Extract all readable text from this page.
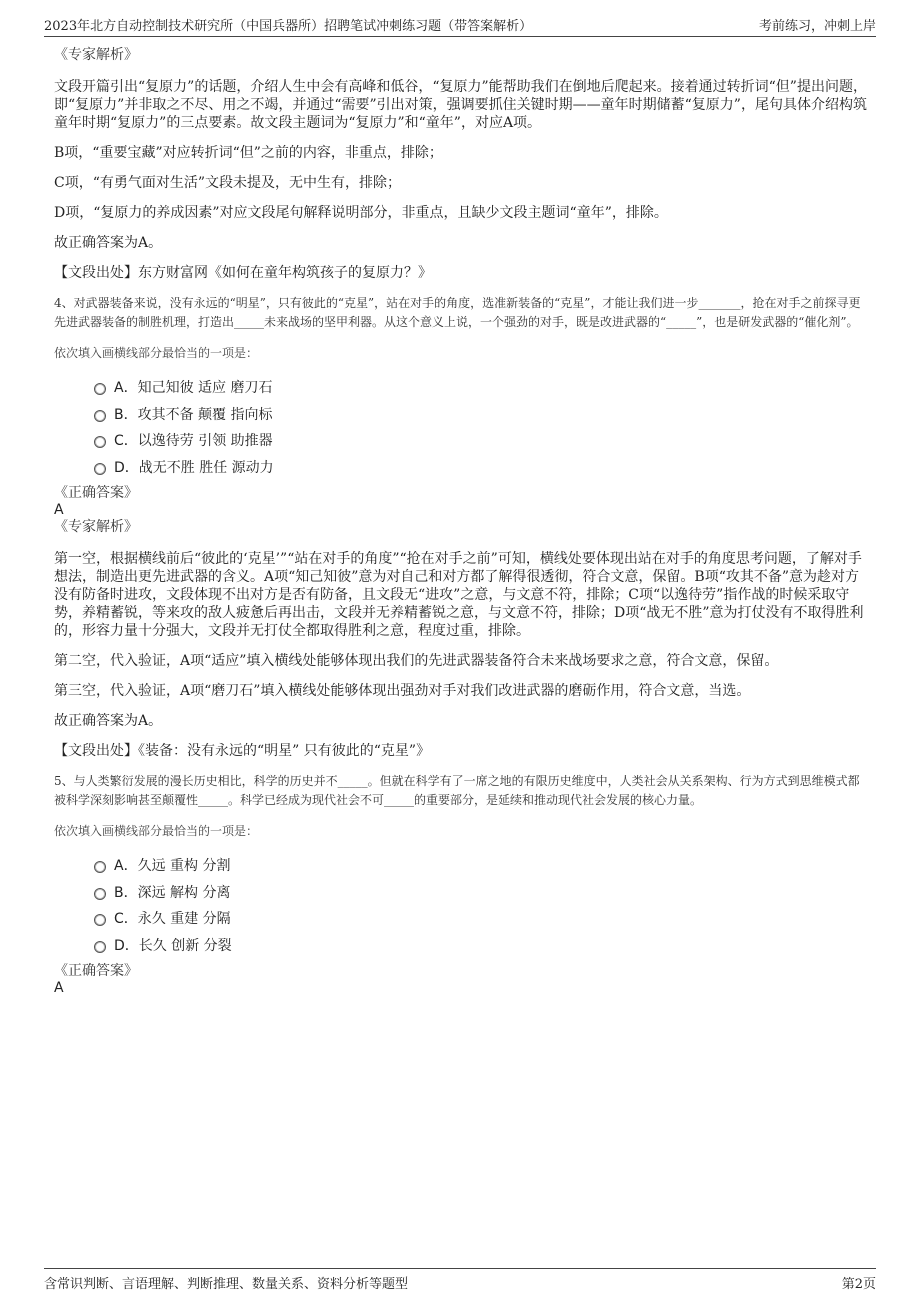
2023年北方自动控制技术研究所（中国兵器所）招聘笔试冲刺练习题（带答案解析）	考前练习，冲刺上岸
《专家解析》

文段开篇引出“复原力”的话题，介绍人生中会有高峰和低谷，“复原力”能帮助我们在倒地后爬起来。接着通过转折词“但”提出问题，即“复原力”并非取之不尽、用之不竭，并通过“需要”引出对策，强调要抓住关键时期——童年时期储蓄“复原力”，尾句具体介绍构筑童年时期“复原力”的三点要素。故文段主题词为“复原力”和“童年”，对应A项。

B项，“重要宝藏”对应转折词“但”之前的内容，非重点，排除；

C项，“有勇气面对生活”文段未提及，无中生有，排除；

D项，“复原力的养成因素”对应文段尾句解释说明部分，非重点，且缺少文段主题词“童年”，排除。

故正确答案为A。

【文段出处】东方财富网《如何在童年构筑孩子的复原力？》

4、对武器装备来说，没有永远的“明星”，只有彼此的“克星”，站在对手的角度，选准新装备的“克星”，才能让我们进一步_______，抢在对手之前探寻更先进武器装备的制胜机理，打造出_____未来战场的坚甲利器。从这个意义上说，一个强劲的对手，既是改进武器的“_____”，也是研发武器的“催化剂”。

依次填入画横线部分最恰当的一项是：

A．知己知彼 适应 磨刀石
B．攻其不备 颠覆 指向标
C．以逸待劳 引领 助推器
D．战无不胜 胜任 源动力
《正确答案》
A
《专家解析》

第一空，根据横线前后“彼此的‘克星’”“站在对手的角度”“抢在对手之前”可知，横线处要体现出站在对手的角度思考问题，了解对手想法，制造出更先进武器的含义。A项“知己知彼”意为对自己和对方都了解得很透彻，符合文意，保留。B项“攻其不备”意为趁对方没有防备时进攻，文段体现不出对方是否有防备，且文段无“进攻”之意，与文意不符，排除；C项“以逸待劳”指作战的时候采取守势，养精蓄锐，等来攻的敌人疲惫后再出击，文段并无养精蓄锐之意，与文意不符，排除；D项“战无不胜”意为打仗没有不取得胜利的，形容力量十分强大，文段并无打仗全都取得胜利之意，程度过重，排除。

第二空，代入验证，A项“适应”填入横线处能够体现出我们的先进武器装备符合未来战场要求之意，符合文意，保留。

第三空，代入验证，A项“磨刀石”填入横线处能够体现出强劲对手对我们改进武器的磨砺作用，符合文意，当选。

故正确答案为A。

【文段出处】《装备：没有永远的“明星” 只有彼此的“克星”》

5、与人类繁衍发展的漫长历史相比，科学的历史并不_____。但就在科学有了一席之地的有限历史维度中，人类社会从关系架构、行为方式到思维模式都被科学深刻影响甚至颠覆性_____。科学已经成为现代社会不可_____的重要部分，是延续和推动现代社会发展的核心力量。

依次填入画横线部分最恰当的一项是：

A．久远 重构 分割
B．深远 解构 分离
C．永久 重建 分隔
D．长久 创新 分裂
《正确答案》
A
含常识判断、言语理解、判断推理、数量关系、资料分析等题型	第2页
